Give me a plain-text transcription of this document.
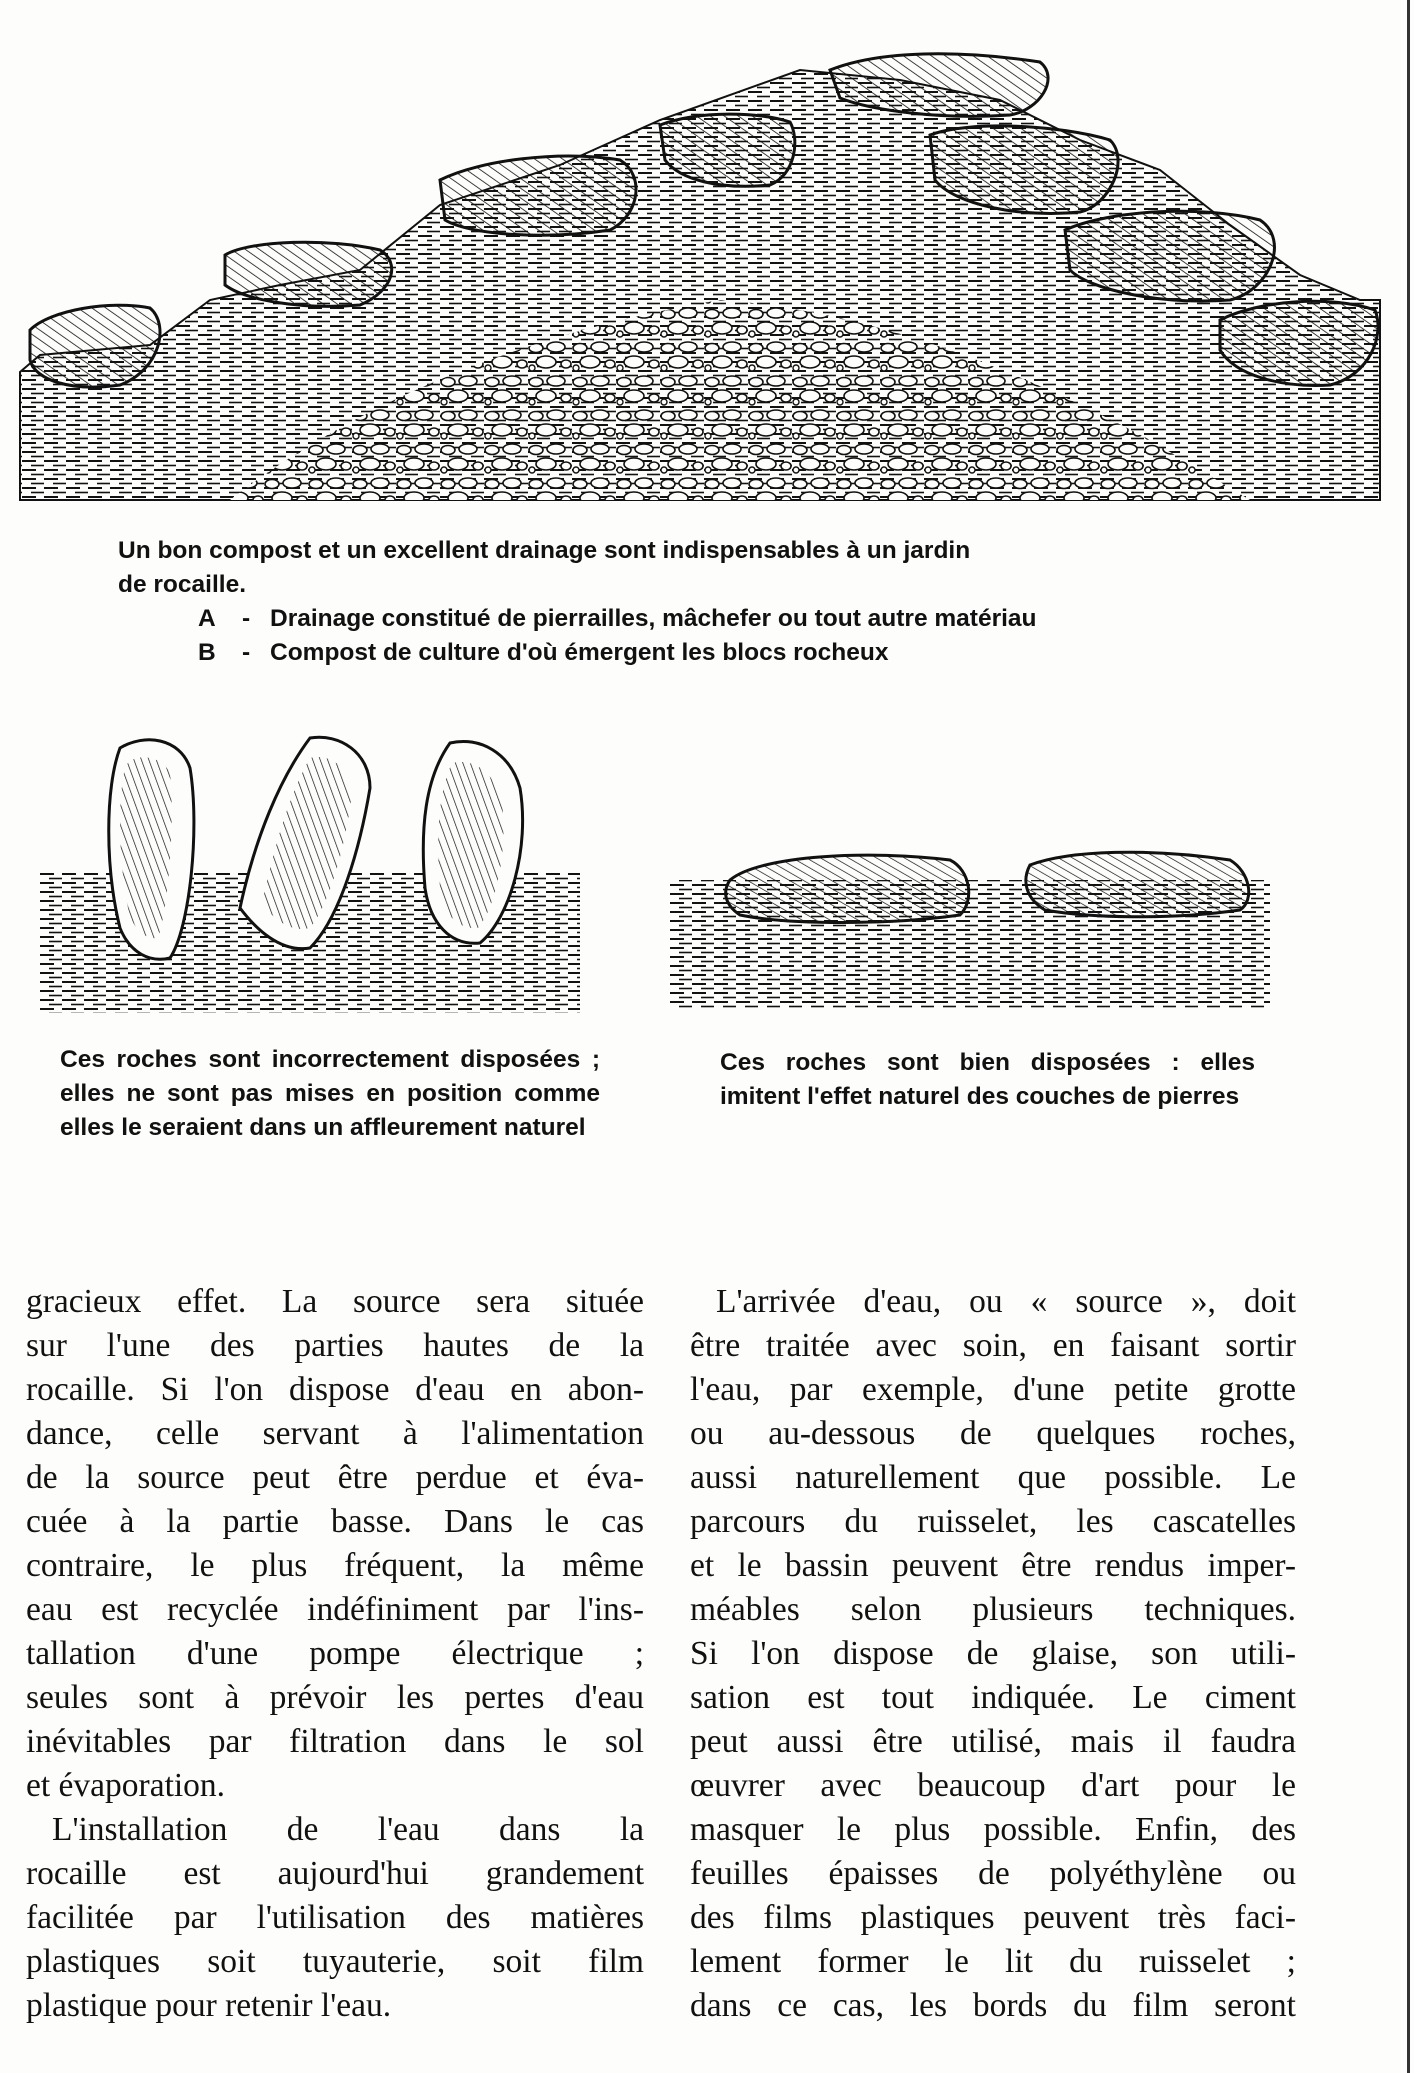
Un bon compost et un excellent drainage sont indispensables à un jardin
de rocaille.
A - Drainage constitué de pierrailles, mâchefer ou tout autre matériau
B - Compost de culture d'où émergent les blocs rocheux
Ces roches sont incorrectement disposées ; elles ne sont pas mises en position comme elles le seraient dans un affleurement naturel
Ces roches sont bien disposées : elles imitent l'effet naturel des couches de pierres
gracieux effet. La source sera située
sur l'une des parties hautes de la
rocaille. Si l'on dispose d'eau en abon-
dance, celle servant à l'alimentation
de la source peut être perdue et éva-
cuée à la partie basse. Dans le cas
contraire, le plus fréquent, la même
eau est recyclée indéfiniment par l'ins-
tallation d'une pompe électrique ;
seules sont à prévoir les pertes d'eau
inévitables par filtration dans le sol
et évaporation.
L'installation de l'eau dans la
rocaille est aujourd'hui grandement
facilitée par l'utilisation des matières
plastiques soit tuyauterie, soit film
plastique pour retenir l'eau.
L'arrivée d'eau, ou « source », doit
être traitée avec soin, en faisant sortir
l'eau, par exemple, d'une petite grotte
ou au-dessous de quelques roches,
aussi naturellement que possible. Le
parcours du ruisselet, les cascatelles
et le bassin peuvent être rendus imper-
méables selon plusieurs techniques.
Si l'on dispose de glaise, son utili-
sation est tout indiquée. Le ciment
peut aussi être utilisé, mais il faudra
œuvrer avec beaucoup d'art pour le
masquer le plus possible. Enfin, des
feuilles épaisses de polyéthylène ou
des films plastiques peuvent très faci-
lement former le lit du ruisselet ;
dans ce cas, les bords du film seront
